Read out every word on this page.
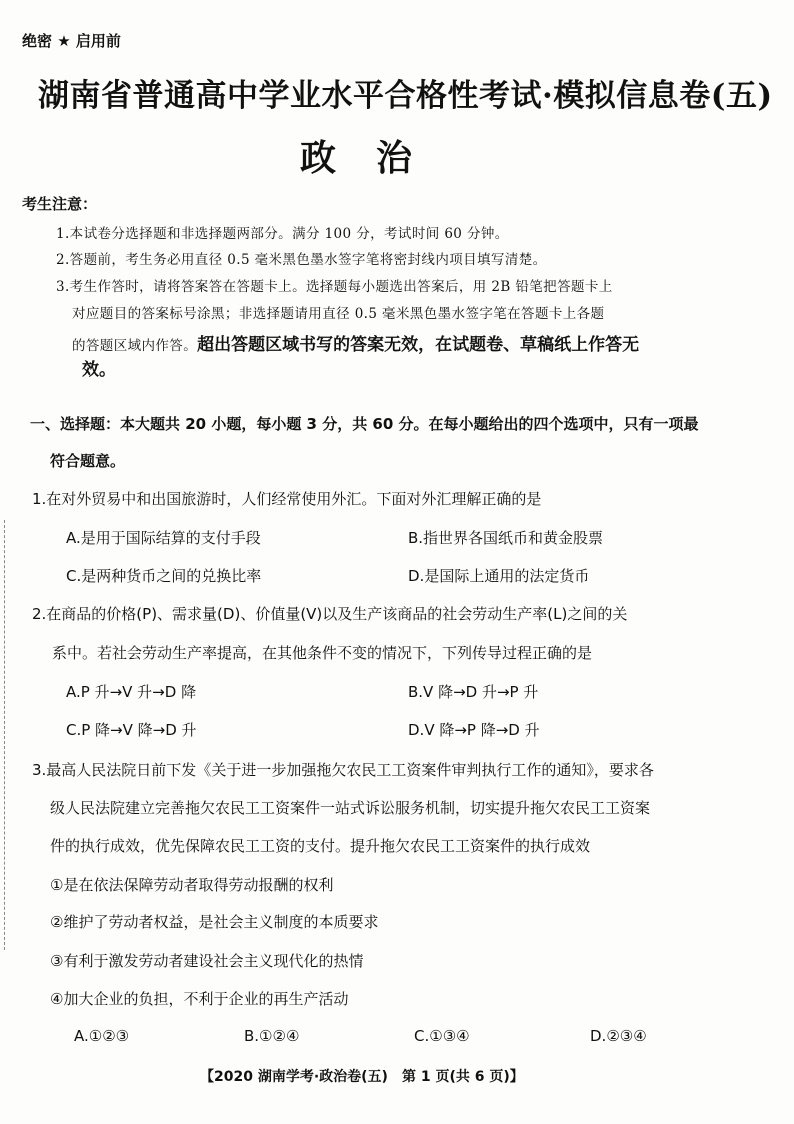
绝密 ★ 启用前
湖南省普通高中学业水平合格性考试·模拟信息卷(五)
政治
考生注意：
1.本试卷分选择题和非选择题两部分。满分 100 分，考试时间 60 分钟。
2.答题前，考生务必用直径 0.5 毫米黑色墨水签字笔将密封线内项目填写清楚。
3.考生作答时，请将答案答在答题卡上。选择题每小题选出答案后，用 2B 铅笔把答题卡上
对应题目的答案标号涂黑；非选择题请用直径 0.5 毫米黑色墨水签字笔在答题卡上各题
的答题区域内作答。超出答题区域书写的答案无效，在试题卷、草稿纸上作答无
效。
一、选择题：本大题共 20 小题，每小题 3 分，共 60 分。在每小题给出的四个选项中，只有一项最
符合题意。
1.在对外贸易中和出国旅游时，人们经常使用外汇。下面对外汇理解正确的是
A.是用于国际结算的支付手段	B.指世界各国纸币和黄金股票
C.是两种货币之间的兑换比率	D.是国际上通用的法定货币
2.在商品的价格(P)、需求量(D)、价值量(V)以及生产该商品的社会劳动生产率(L)之间的关
系中。若社会劳动生产率提高，在其他条件不变的情况下，下列传导过程正确的是
A.P 升→V 升→D 降	B.V 降→D 升→P 升
C.P 降→V 降→D 升	D.V 降→P 降→D 升
3.最高人民法院日前下发《关于进一步加强拖欠农民工工资案件审判执行工作的通知》，要求各
级人民法院建立完善拖欠农民工工资案件一站式诉讼服务机制，切实提升拖欠农民工工资案
件的执行成效，优先保障农民工工资的支付。提升拖欠农民工工资案件的执行成效
①是在依法保障劳动者取得劳动报酬的权利
②维护了劳动者权益，是社会主义制度的本质要求
③有利于激发劳动者建设社会主义现代化的热情
④加大企业的负担，不利于企业的再生产活动
A.①②③	B.①②④	C.①③④	D.②③④
【2020 湖南学考·政治卷(五)　第 1 页(共 6 页)】
